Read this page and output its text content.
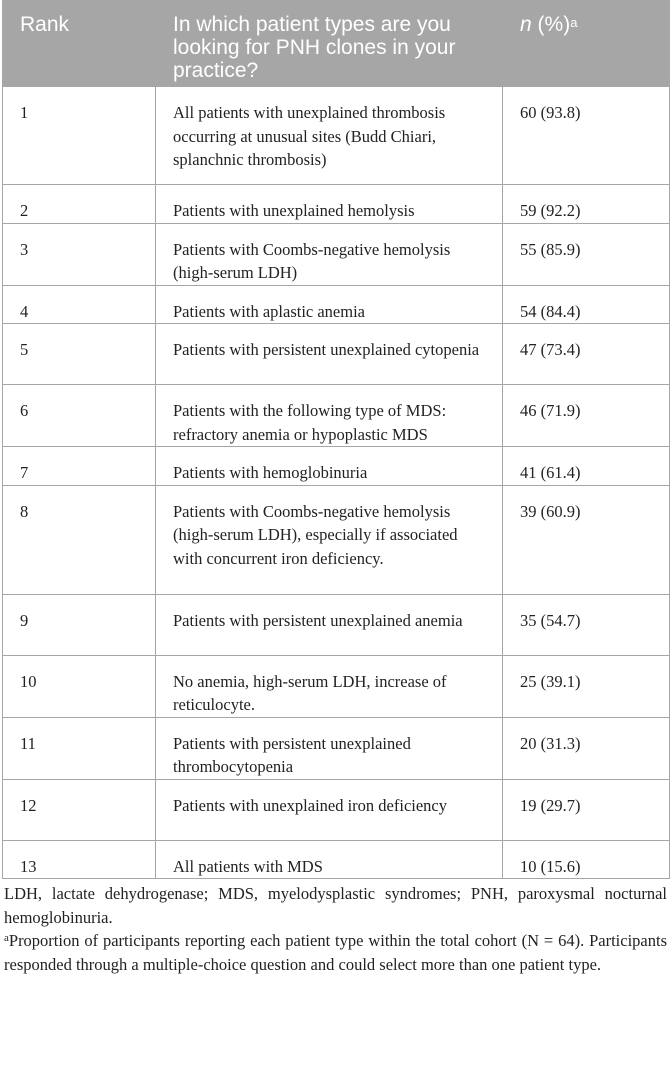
Rank	In which patient types are you looking for PNH clones in your practice?	n (%)$^a$
1	All patients with unexplained thrombosis occurring at unusual sites (Budd Chiari, splanchnic thrombosis)	60 (93.8)
2	Patients with unexplained hemolysis	59 (92.2)
3	Patients with Coombs-negative hemolysis (high-serum LDH)	55 (85.9)
4	Patients with aplastic anemia	54 (84.4)
5	Patients with persistent unexplained cytopenia	47 (73.4)
6	Patients with the following type of MDS: refractory anemia or hypoplastic MDS	46 (71.9)
7	Patients with hemoglobinuria	41 (61.4)
8	Patients with Coombs-negative hemolysis (high-serum LDH), especially if associated with concurrent iron deficiency.	39 (60.9)
9	Patients with persistent unexplained anemia	35 (54.7)
10	No anemia, high-serum LDH, increase of reticulocyte.	25 (39.1)
11	Patients with persistent unexplained thrombocytopenia	20 (31.3)
12	Patients with unexplained iron deficiency	19 (29.7)
13	All patients with MDS	10 (15.6)

LDH, lactate dehydrogenase; MDS, myelodysplastic syndromes; PNH, paroxysmal nocturnal hemoglobinuria.

$^a$Proportion of participants reporting each patient type within the total cohort (N = 64). Participants responded through a multiple-choice question and could select more than one patient type.
